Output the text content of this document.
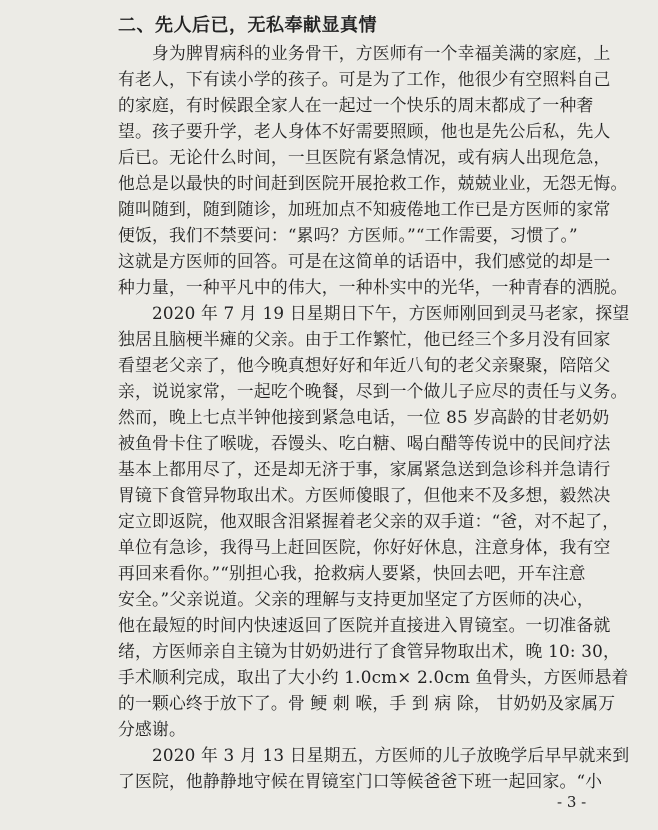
二、先人后已，无私奉献显真情
- 3 -
身为脾胃病科的业务骨干，方医师有一个幸福美满的家庭，上
有老人，下有读小学的孩子。可是为了工作，他很少有空照料自己
的家庭，有时候跟全家人在一起过一个快乐的周末都成了一种奢
望。孩子要升学，老人身体不好需要照顾，他也是先公后私，先人
后已。无论什么时间，一旦医院有紧急情况，或有病人出现危急，
他总是以最快的时间赶到医院开展抢救工作，兢兢业业，无怨无悔。
随叫随到，随到随诊，加班加点不知疲倦地工作已是方医师的家常
便饭，我们不禁要问：“累吗？方医师。”“工作需要，习惯了。”
这就是方医师的回答。可是在这简单的话语中，我们感觉的却是一
种力量，一种平凡中的伟大，一种朴实中的光华，一种青春的洒脱。
2020 年 7 月 19 日星期日下午，方医师刚回到灵马老家，探望
独居且脑梗半瘫的父亲。由于工作繁忙，他已经三个多月没有回家
看望老父亲了，他今晚真想好好和年近八旬的老父亲聚聚，陪陪父
亲，说说家常，一起吃个晚餐，尽到一个做儿子应尽的责任与义务。
然而，晚上七点半钟他接到紧急电话，一位 85 岁高龄的甘老奶奶
被鱼骨卡住了喉咙，吞馒头、吃白糖、喝白醋等传说中的民间疗法
基本上都用尽了，还是却无济于事，家属紧急送到急诊科并急请行
胃镜下食管异物取出术。方医师傻眼了，但他来不及多想，毅然决
定立即返院，他双眼含泪紧握着老父亲的双手道：“爸，对不起了，
单位有急诊，我得马上赶回医院，你好好休息，注意身体，我有空
再回来看你。”“别担心我，抢救病人要紧，快回去吧，开车注意
安全。”父亲说道。父亲的理解与支持更加坚定了方医师的决心，
他在最短的时间内快速返回了医院并直接进入胃镜室。一切准备就
绪，方医师亲自主镜为甘奶奶进行了食管异物取出术，晚 10: 30，
手术顺利完成，取出了大小约 1.0cm× 2.0cm 鱼骨头，方医师悬着
的一颗心终于放下了。骨 鲠 刺 喉，手 到 病 除， 甘奶奶及家属万
分感谢。
2020 年 3 月 13 日星期五，方医师的儿子放晚学后早早就来到
了医院，他静静地守候在胃镜室门口等候爸爸下班一起回家。“小
